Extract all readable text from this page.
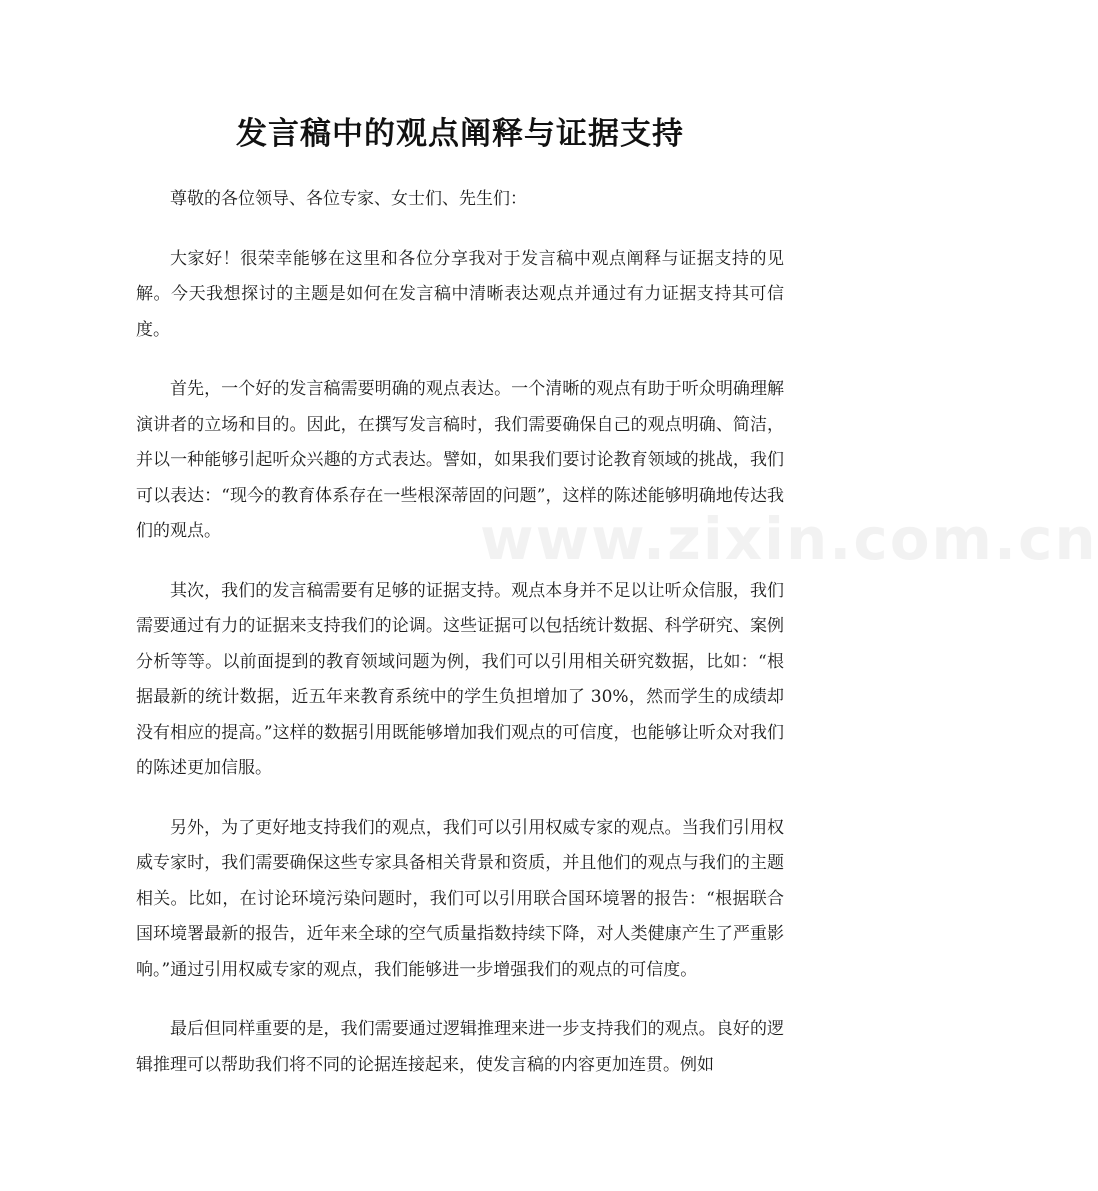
发言稿中的观点阐释与证据支持
www.zixin.com.cn

尊敬的各位领导、各位专家、女士们、先生们：

大家好！很荣幸能够在这里和各位分享我对于发言稿中观点阐释与证据支持的见解。今天我想探讨的主题是如何在发言稿中清晰表达观点并通过有力证据支持其可信度。

首先，一个好的发言稿需要明确的观点表达。一个清晰的观点有助于听众明确理解演讲者的立场和目的。因此，在撰写发言稿时，我们需要确保自己的观点明确、简洁，并以一种能够引起听众兴趣的方式表达。譬如，如果我们要讨论教育领域的挑战，我们可以表达：“现今的教育体系存在一些根深蒂固的问题”，这样的陈述能够明确地传达我们的观点。

其次，我们的发言稿需要有足够的证据支持。观点本身并不足以让听众信服，我们需要通过有力的证据来支持我们的论调。这些证据可以包括统计数据、科学研究、案例分析等等。以前面提到的教育领域问题为例，我们可以引用相关研究数据，比如：“根据最新的统计数据，近五年来教育系统中的学生负担增加了 30%，然而学生的成绩却没有相应的提高。”这样的数据引用既能够增加我们观点的可信度，也能够让听众对我们的陈述更加信服。

另外，为了更好地支持我们的观点，我们可以引用权威专家的观点。当我们引用权威专家时，我们需要确保这些专家具备相关背景和资质，并且他们的观点与我们的主题相关。比如，在讨论环境污染问题时，我们可以引用联合国环境署的报告：“根据联合国环境署最新的报告，近年来全球的空气质量指数持续下降，对人类健康产生了严重影响。”通过引用权威专家的观点，我们能够进一步增强我们的观点的可信度。

最后但同样重要的是，我们需要通过逻辑推理来进一步支持我们的观点。良好的逻辑推理可以帮助我们将不同的论据连接起来，使发言稿的内容更加连贯。例如
